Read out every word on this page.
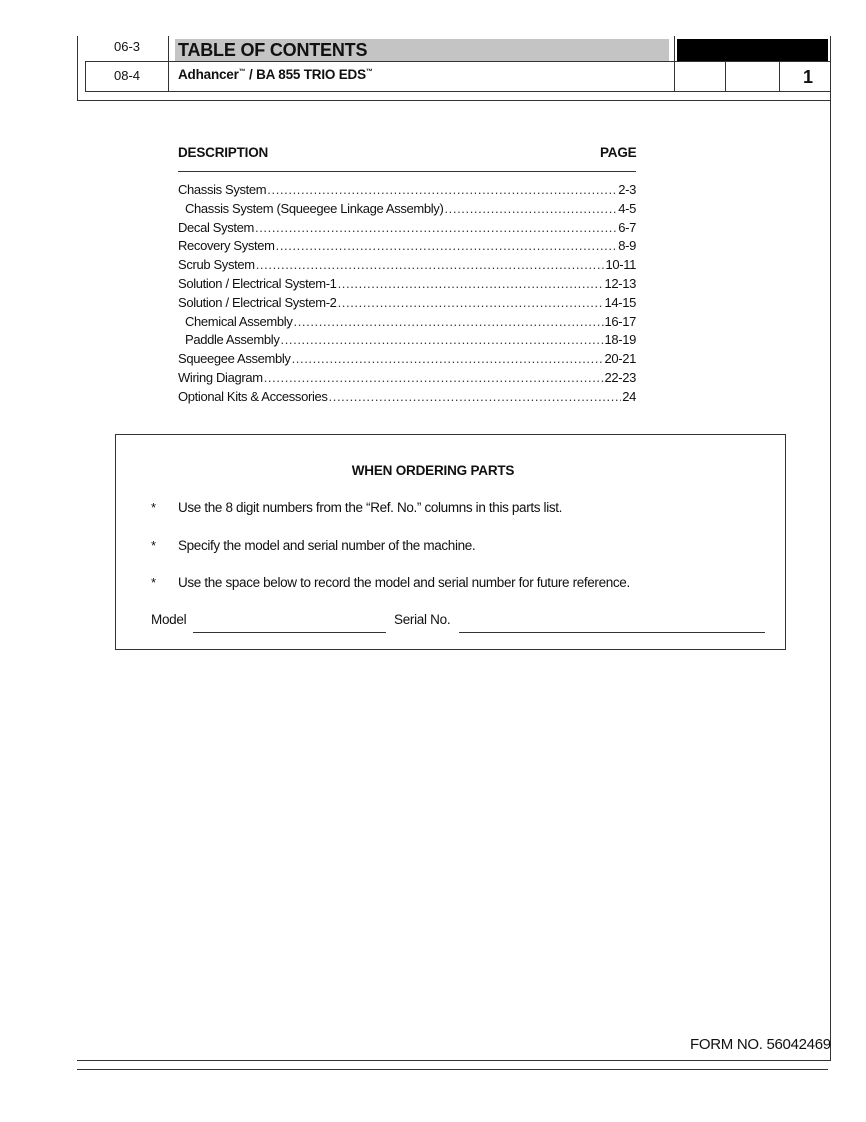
06-3
08-4
TABLE OF CONTENTS
Adhancer™ / BA 855 TRIO EDS™	1
DESCRIPTION	PAGE
Chassis System .....	2-3
Chassis System (Squeegee Linkage Assembly) .....	4-5
Decal System .....	6-7
Recovery System .....	8-9
Scrub System .....	10-11
Solution / Electrical System-1 .....	12-13
Solution / Electrical System-2 .....	14-15
Chemical Assembly .....	16-17
Paddle Assembly .....	18-19
Squeegee Assembly .....	20-21
Wiring Diagram .....	22-23
Optional Kits & Accessories .....	24
WHEN ORDERING PARTS
* Use the 8 digit numbers from the “Ref. No.” columns in this parts list.
* Specify the model and serial number of the machine.
* Use the space below to record the model and serial number for future reference.
Model	Serial No.
FORM NO. 56042469
